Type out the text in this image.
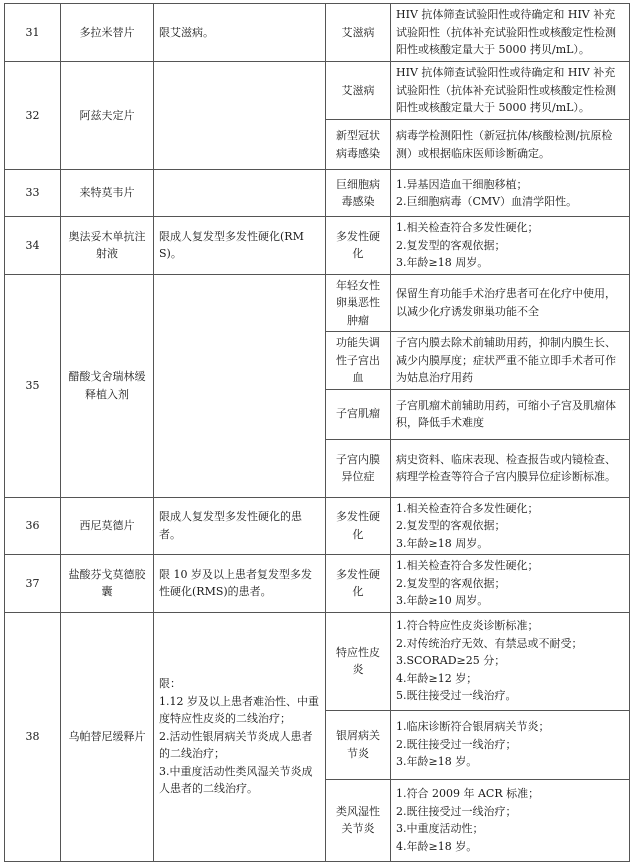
31	多拉米替片	限艾滋病。	艾滋病	HIV 抗体筛查试验阳性或待确定和 HIV 补充试验阳性（抗体补充试验阳性或核酸定性检测阳性或核酸定量大于 5000 拷贝/mL）。

32	阿兹夫定片		艾滋病	HIV 抗体筛查试验阳性或待确定和 HIV 补充试验阳性（抗体补充试验阳性或核酸定性检测阳性或核酸定量大于 5000 拷贝/mL）。

			新型冠状病毒感染	病毒学检测阳性（新冠抗体/核酸检测/抗原检测）或根据临床医师诊断确定。

33	来特莫韦片		巨细胞病毒感染	1.异基因造血干细胞移植；
2.巨细胞病毒（CMV）血清学阳性。

34	奥法妥木单抗注射液	限成人复发型多发性硬化(RMS)。	多发性硬化	1.相关检查符合多发性硬化；
2.复发型的客观依据；
3.年龄≥18 周岁。

35	醋酸戈舍瑞林缓释植入剂		年轻女性卵巢恶性肿瘤	保留生育功能手术治疗患者可在化疗中使用，以减少化疗诱发卵巢功能不全

			功能失调性子宫出血	子宫内膜去除术前辅助用药，抑制内膜生长、减少内膜厚度；症状严重不能立即手术者可作为姑息治疗用药

			子宫肌瘤	子宫肌瘤术前辅助用药，可缩小子宫及肌瘤体积，降低手术难度

			子宫内膜异位症	病史资料、临床表现、检查报告或内镜检查、病理学检查等符合子宫内膜异位症诊断标准。

36	西尼莫德片	限成人复发型多发性硬化的患者。	多发性硬化	1.相关检查符合多发性硬化；
2.复发型的客观依据；
3.年龄≥18 周岁。

37	盐酸芬戈莫德胶囊	限 10 岁及以上患者复发型多发性硬化(RMS)的患者。	多发性硬化	1.相关检查符合多发性硬化；
2.复发型的客观依据；
3.年龄≥10 周岁。

38	乌帕替尼缓释片	限：
1.12 岁及以上患者难治性、中重度特应性皮炎的二线治疗；
2.活动性银屑病关节炎成人患者的二线治疗；
3.中重度活动性类风湿关节炎成人患者的二线治疗。	特应性皮炎	1.符合特应性皮炎诊断标准；
2.对传统治疗无效、有禁忌或不耐受；
3.SCORAD≥25 分；
4.年龄≥12 岁；
5.既往接受过一线治疗。

			银屑病关节炎	1.临床诊断符合银屑病关节炎；
2.既往接受过一线治疗；
3.年龄≥18 岁。

			类风湿性关节炎	1.符合 2009 年 ACR 标准；
2.既往接受过一线治疗；
3.中重度活动性；
4.年龄≥18 岁。
